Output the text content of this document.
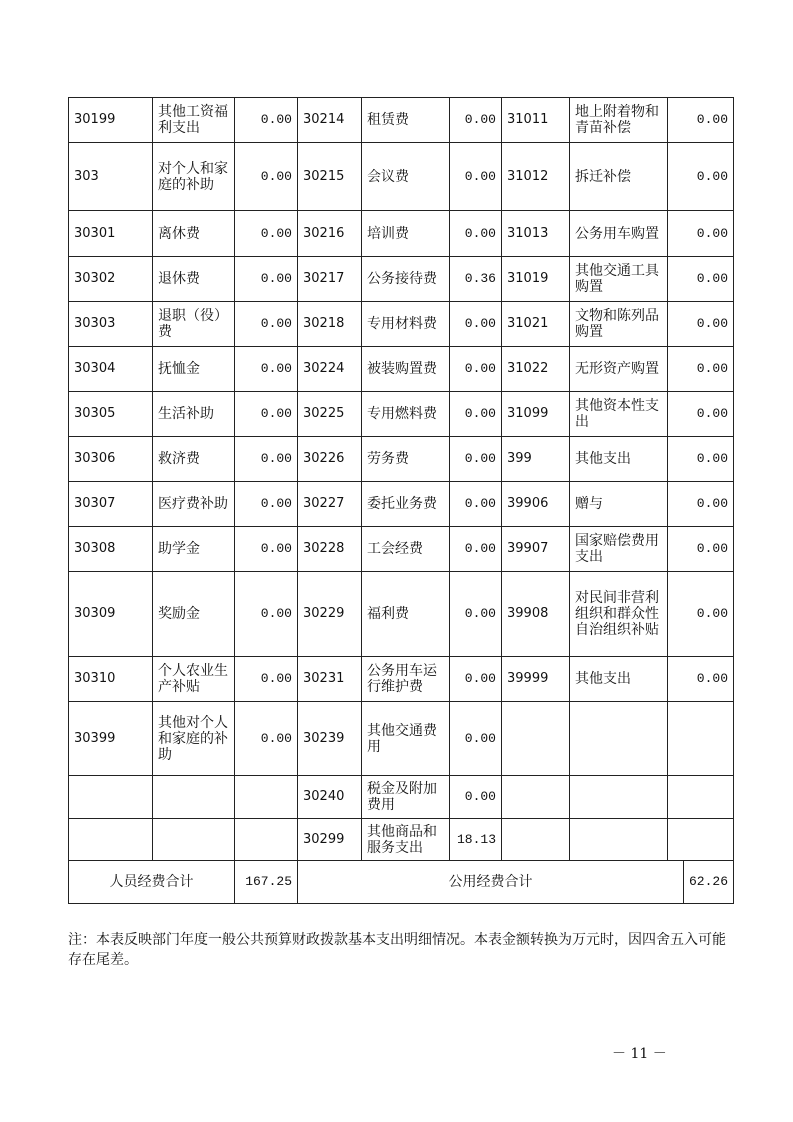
30199	其他工资福利支出	0.00	30214	租赁费	0.00	31011	地上附着物和青苗补偿	0.00	
303	对个人和家庭的补助	0.00	30215	会议费	0.00	31012	拆迁补偿	0.00	
30301	离休费	0.00	30216	培训费	0.00	31013	公务用车购置	0.00	
30302	退休费	0.00	30217	公务接待费	0.36	31019	其他交通工具购置	0.00	
30303	退职（役）费	0.00	30218	专用材料费	0.00	31021	文物和陈列品购置	0.00	
30304	抚恤金	0.00	30224	被装购置费	0.00	31022	无形资产购置	0.00	
30305	生活补助	0.00	30225	专用燃料费	0.00	31099	其他资本性支出	0.00	
30306	救济费	0.00	30226	劳务费	0.00	399	其他支出	0.00	
30307	医疗费补助	0.00	30227	委托业务费	0.00	39906	赠与	0.00	
30308	助学金	0.00	30228	工会经费	0.00	39907	国家赔偿费用支出	0.00	
30309	奖励金	0.00	30229	福利费	0.00	39908	对民间非营利组织和群众性自治组织补贴	0.00	
30310	个人农业生产补贴	0.00	30231	公务用车运行维护费	0.00	39999	其他支出	0.00	
30399	其他对个人和家庭的补助	0.00	30239	其他交通费用	0.00				
			30240	税金及附加费用	0.00				
			30299	其他商品和服务支出	18.13				
人员经费合计		167.25	公用经费合计						62.26
注：本表反映部门年度一般公共预算财政拨款基本支出明细情况。本表金额转换为万元时，因四舍五入可能存在尾差。
－ 11 －
